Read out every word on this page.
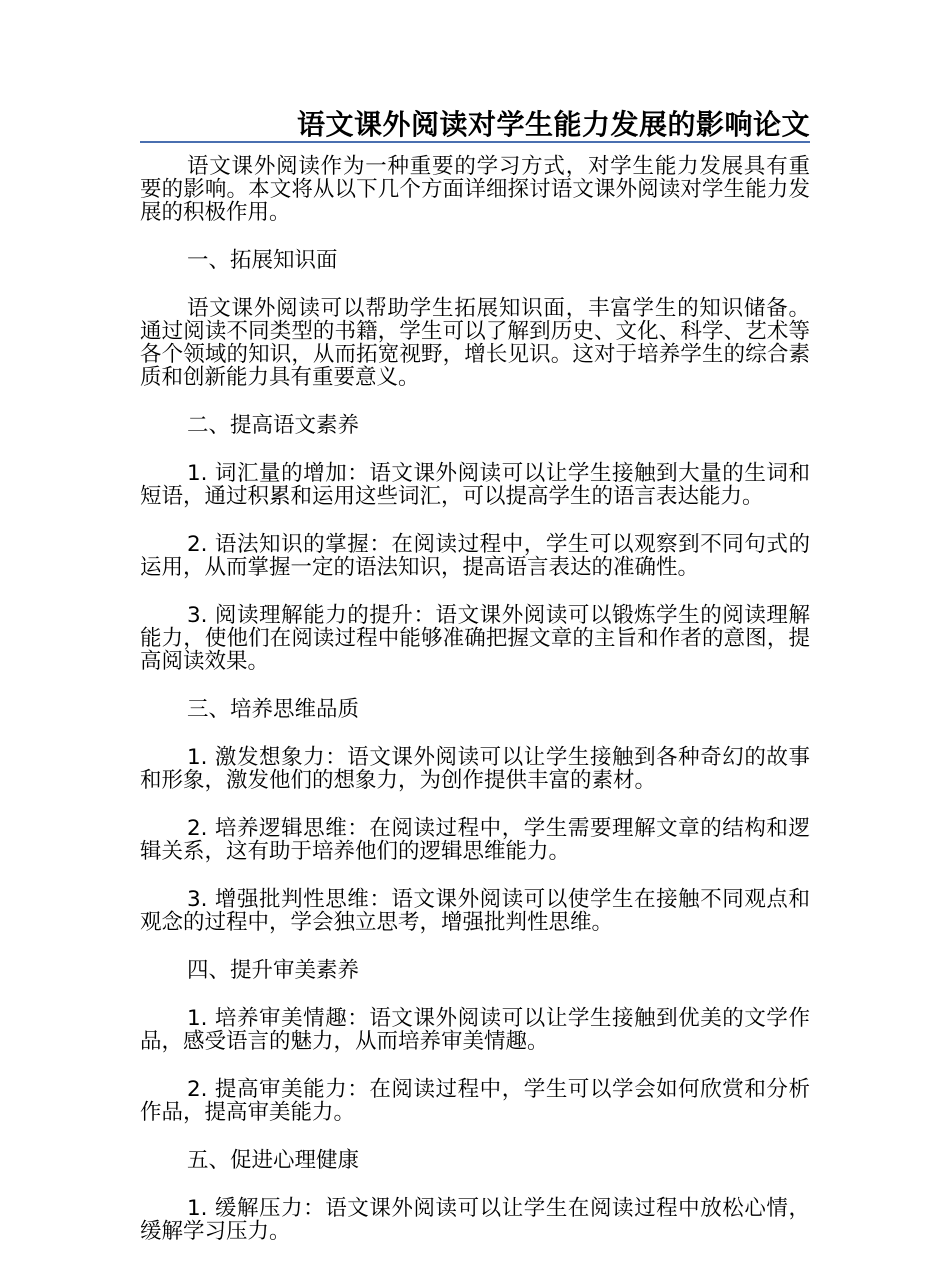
语文课外阅读对学生能力发展的影响论文

语文课外阅读作为一种重要的学习方式，对学生能力发展具有重要的影响。本文将从以下几个方面详细探讨语文课外阅读对学生能力发展的积极作用。

一、拓展知识面

语文课外阅读可以帮助学生拓展知识面，丰富学生的知识储备。通过阅读不同类型的书籍，学生可以了解到历史、文化、科学、艺术等各个领域的知识，从而拓宽视野，增长见识。这对于培养学生的综合素质和创新能力具有重要意义。

二、提高语文素养

1. 词汇量的增加：语文课外阅读可以让学生接触到大量的生词和短语，通过积累和运用这些词汇，可以提高学生的语言表达能力。

2. 语法知识的掌握：在阅读过程中，学生可以观察到不同句式的运用，从而掌握一定的语法知识，提高语言表达的准确性。

3. 阅读理解能力的提升：语文课外阅读可以锻炼学生的阅读理解能力，使他们在阅读过程中能够准确把握文章的主旨和作者的意图，提高阅读效果。

三、培养思维品质

1. 激发想象力：语文课外阅读可以让学生接触到各种奇幻的故事和形象，激发他们的想象力，为创作提供丰富的素材。

2. 培养逻辑思维：在阅读过程中，学生需要理解文章的结构和逻辑关系，这有助于培养他们的逻辑思维能力。

3. 增强批判性思维：语文课外阅读可以使学生在接触不同观点和观念的过程中，学会独立思考，增强批判性思维。

四、提升审美素养

1. 培养审美情趣：语文课外阅读可以让学生接触到优美的文学作品，感受语言的魅力，从而培养审美情趣。

2. 提高审美能力：在阅读过程中，学生可以学会如何欣赏和分析作品，提高审美能力。

五、促进心理健康

1. 缓解压力：语文课外阅读可以让学生在阅读过程中放松心情，缓解学习压力。
